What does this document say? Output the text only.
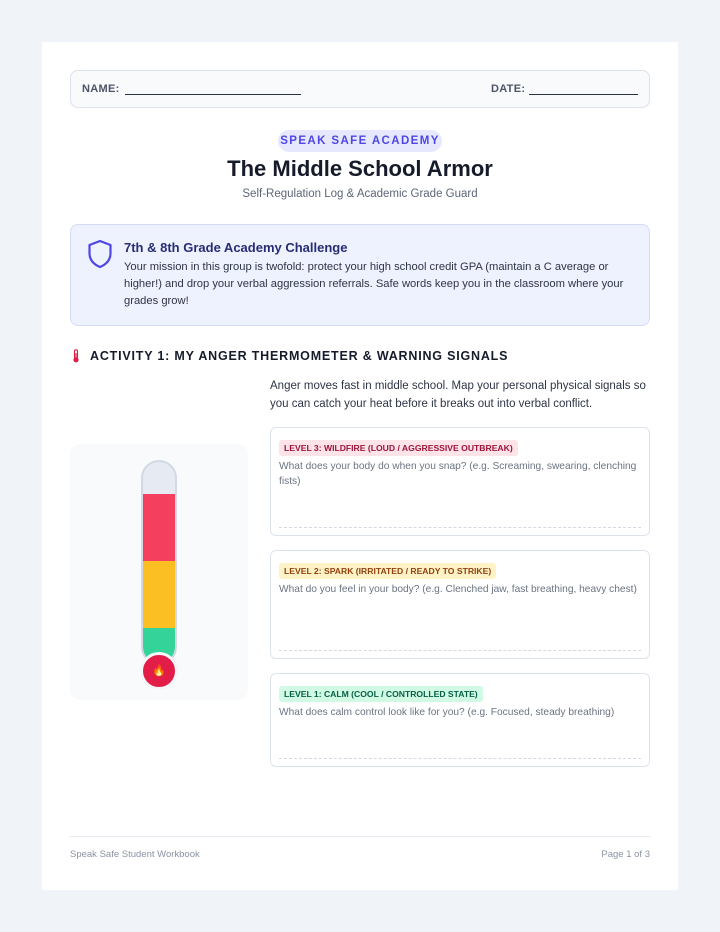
NAME:	DATE:
SPEAK SAFE ACADEMY
The Middle School Armor
Self-Regulation Log & Academic Grade Guard
7th & 8th Grade Academy Challenge
Your mission in this group is twofold: protect your high school credit GPA (maintain a C average or higher!) and drop your verbal aggression referrals. Safe words keep you in the classroom where your grades grow!
ACTIVITY 1: MY ANGER THERMOMETER & WARNING SIGNALS
Anger moves fast in middle school. Map your personal physical signals so you can catch your heat before it breaks out into verbal conflict.
🔥
LEVEL 3: WILDFIRE (LOUD / AGGRESSIVE OUTBREAK)
What does your body do when you snap? (e.g. Screaming, swearing, clenching fists)
LEVEL 2: SPARK (IRRITATED / READY TO STRIKE)
What do you feel in your body? (e.g. Clenched jaw, fast breathing, heavy chest)
LEVEL 1: CALM (COOL / CONTROLLED STATE)
What does calm control look like for you? (e.g. Focused, steady breathing)
Speak Safe Student Workbook	Page 1 of 3
